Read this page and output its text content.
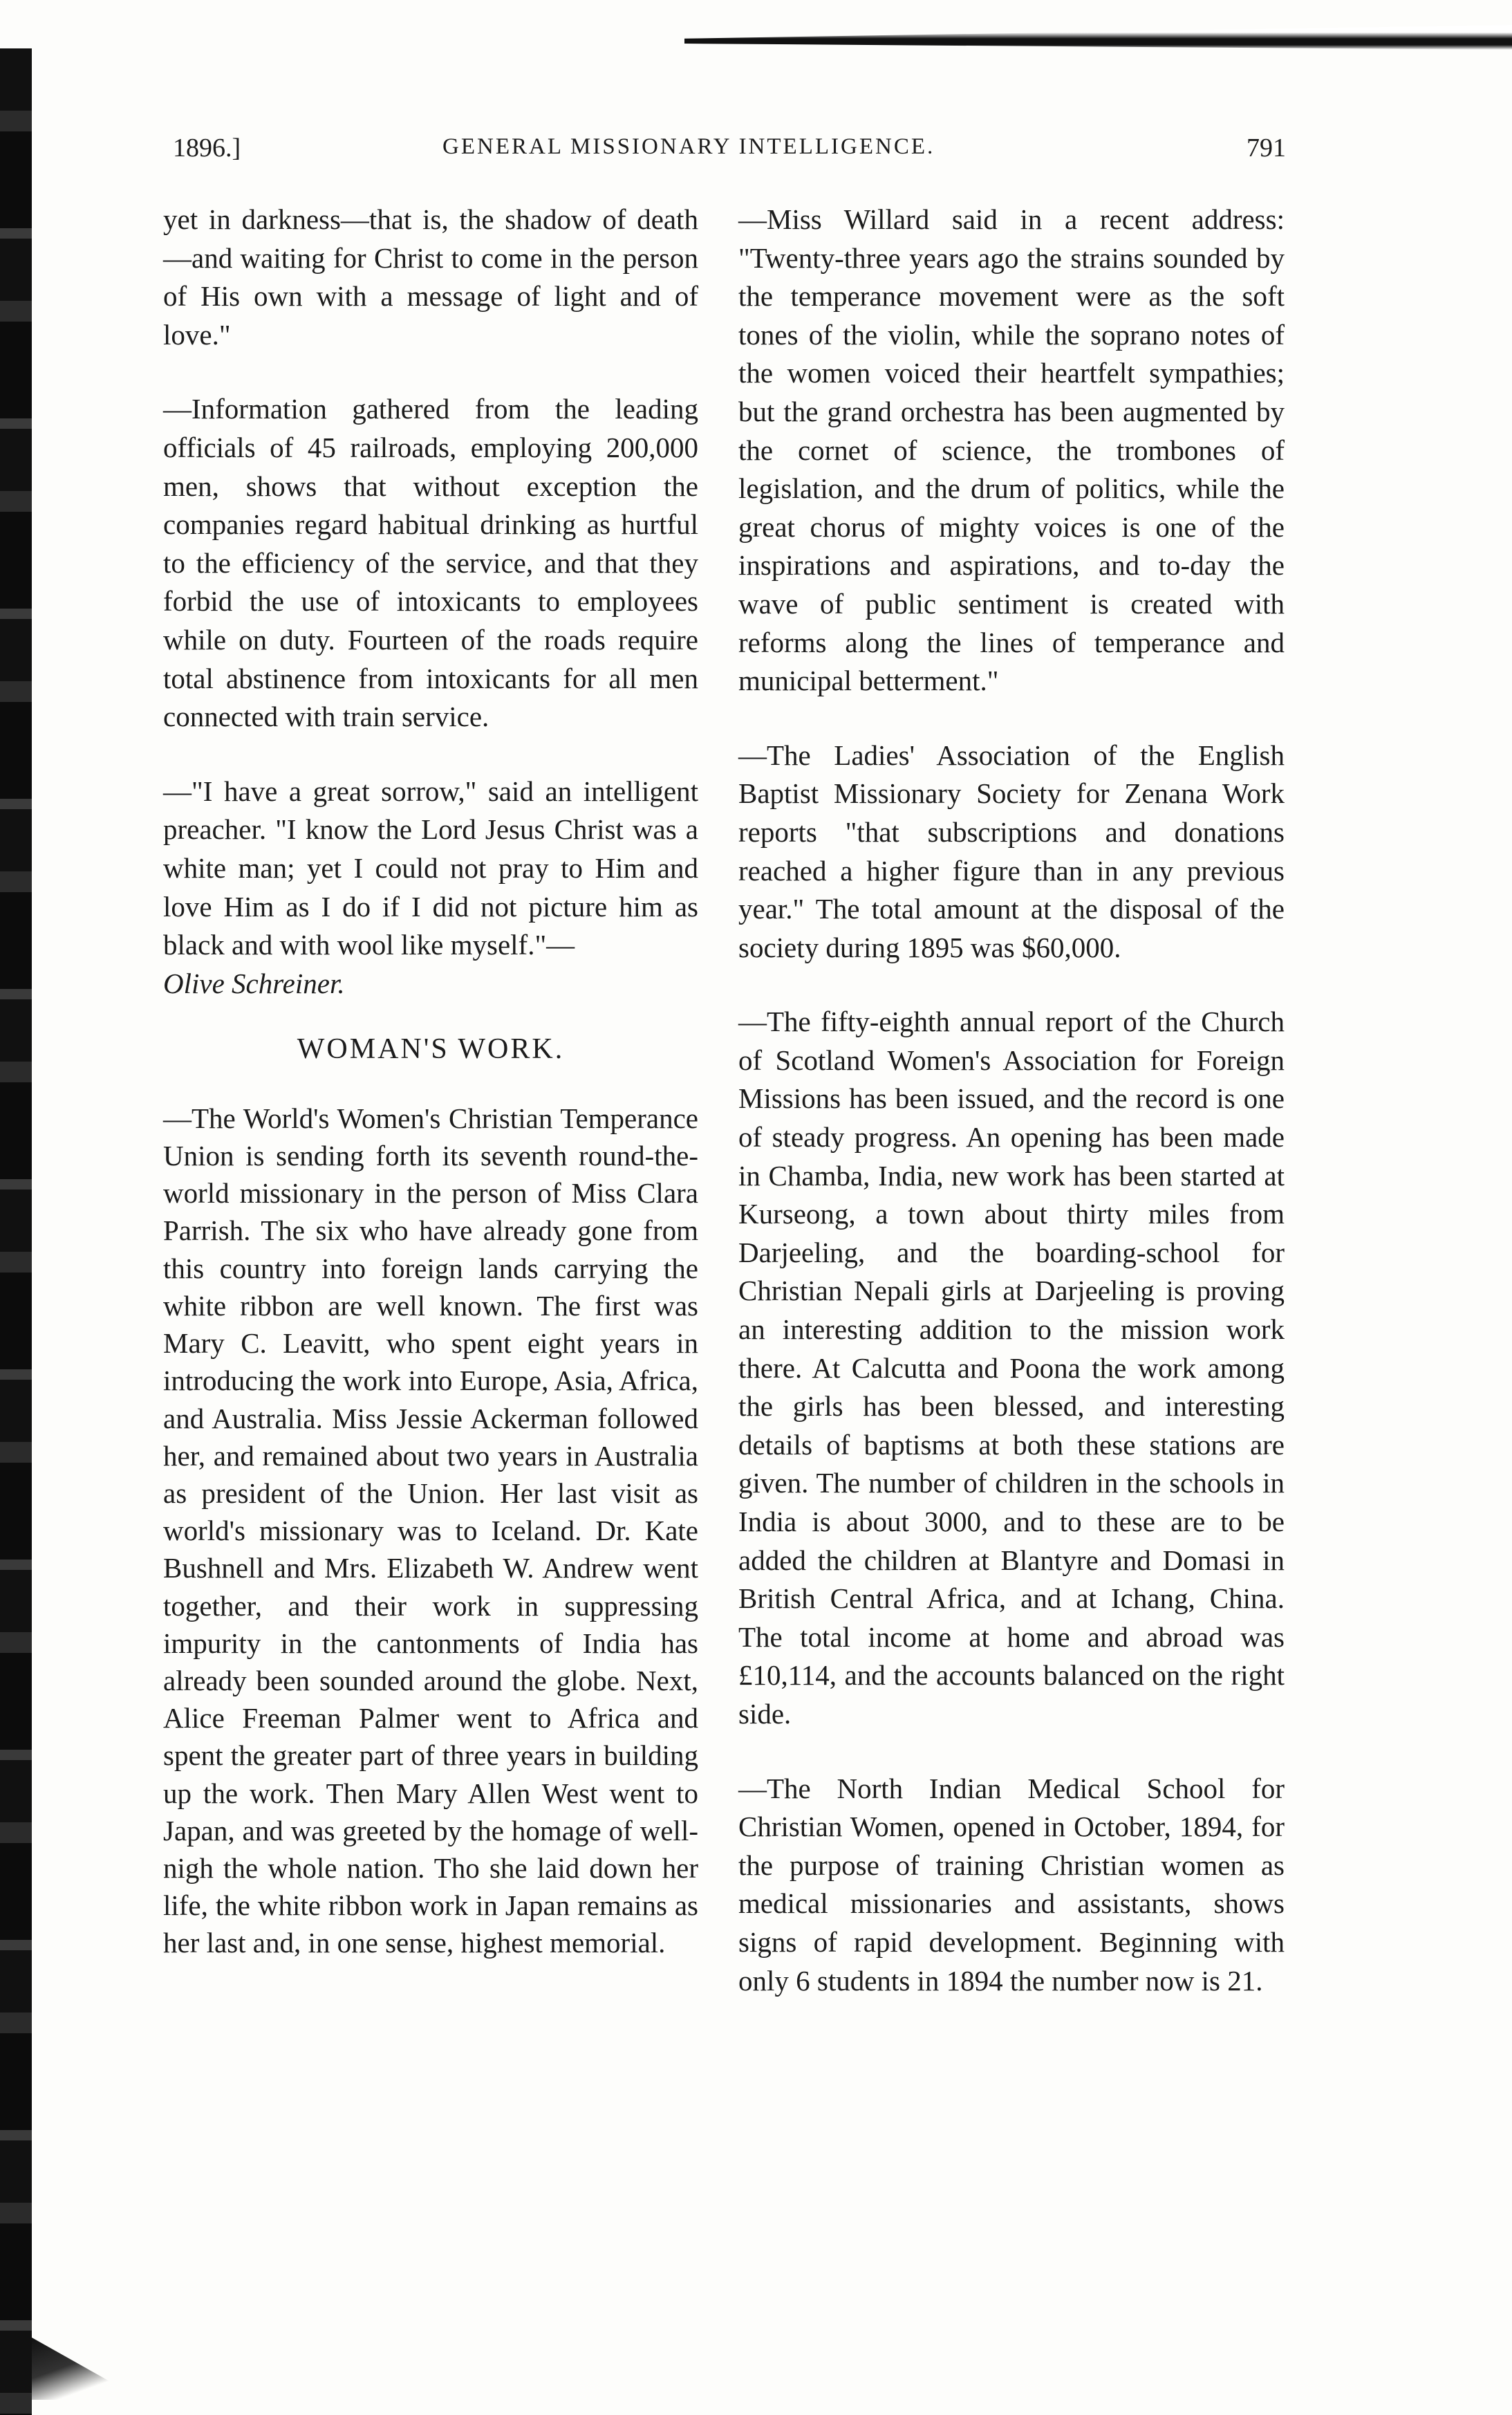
1896.]	GENERAL MISSIONARY INTELLIGENCE.	791

yet in darkness—that is, the shadow of death—and waiting for Christ to come in the person of His own with a message of light and of love."

—Information gathered from the leading officials of 45 railroads, employing 200,000 men, shows that without exception the companies regard habitual drinking as hurtful to the efficiency of the service, and that they forbid the use of intoxicants to employees while on duty. Fourteen of the roads require total abstinence from intoxicants for all men connected with train service.

—"I have a great sorrow," said an intelligent preacher. "I know the Lord Jesus Christ was a white man; yet I could not pray to Him and love Him as I do if I did not picture him as black and with wool like myself."—
Olive Schreiner.

WOMAN'S WORK.

—The World's Women's Christian Temperance Union is sending forth its seventh round-the-world missionary in the person of Miss Clara Parrish. The six who have already gone from this country into foreign lands carrying the white ribbon are well known. The first was Mary C. Leavitt, who spent eight years in introducing the work into Europe, Asia, Africa, and Australia. Miss Jessie Ackerman followed her, and remained about two years in Australia as president of the Union. Her last visit as world's missionary was to Iceland. Dr. Kate Bushnell and Mrs. Elizabeth W. Andrew went together, and their work in suppressing impurity in the cantonments of India has already been sounded around the globe. Next, Alice Freeman Palmer went to Africa and spent the greater part of three years in building up the work. Then Mary Allen West went to Japan, and was greeted by the homage of well-nigh the whole nation. Tho she laid down her life, the white ribbon work in Japan remains as her last and, in one sense, highest memorial.

—Miss Willard said in a recent address: "Twenty-three years ago the strains sounded by the temperance movement were as the soft tones of the violin, while the soprano notes of the women voiced their heartfelt sympathies; but the grand orchestra has been augmented by the cornet of science, the trombones of legislation, and the drum of politics, while the great chorus of mighty voices is one of the inspirations and aspirations, and to-day the wave of public sentiment is created with reforms along the lines of temperance and municipal betterment."

—The Ladies' Association of the English Baptist Missionary Society for Zenana Work reports "that subscriptions and donations reached a higher figure than in any previous year." The total amount at the disposal of the society during 1895 was $60,000.

—The fifty-eighth annual report of the Church of Scotland Women's Association for Foreign Missions has been issued, and the record is one of steady progress. An opening has been made in Chamba, India, new work has been started at Kurseong, a town about thirty miles from Darjeeling, and the boarding-school for Christian Nepali girls at Darjeeling is proving an interesting addition to the mission work there. At Calcutta and Poona the work among the girls has been blessed, and interesting details of baptisms at both these stations are given. The number of children in the schools in India is about 3000, and to these are to be added the children at Blantyre and Domasi in British Central Africa, and at Ichang, China. The total income at home and abroad was £10,114, and the accounts balanced on the right side.

—The North Indian Medical School for Christian Women, opened in October, 1894, for the purpose of training Christian women as medical missionaries and assistants, shows signs of rapid development. Beginning with only 6 students in 1894 the number now is 21.
